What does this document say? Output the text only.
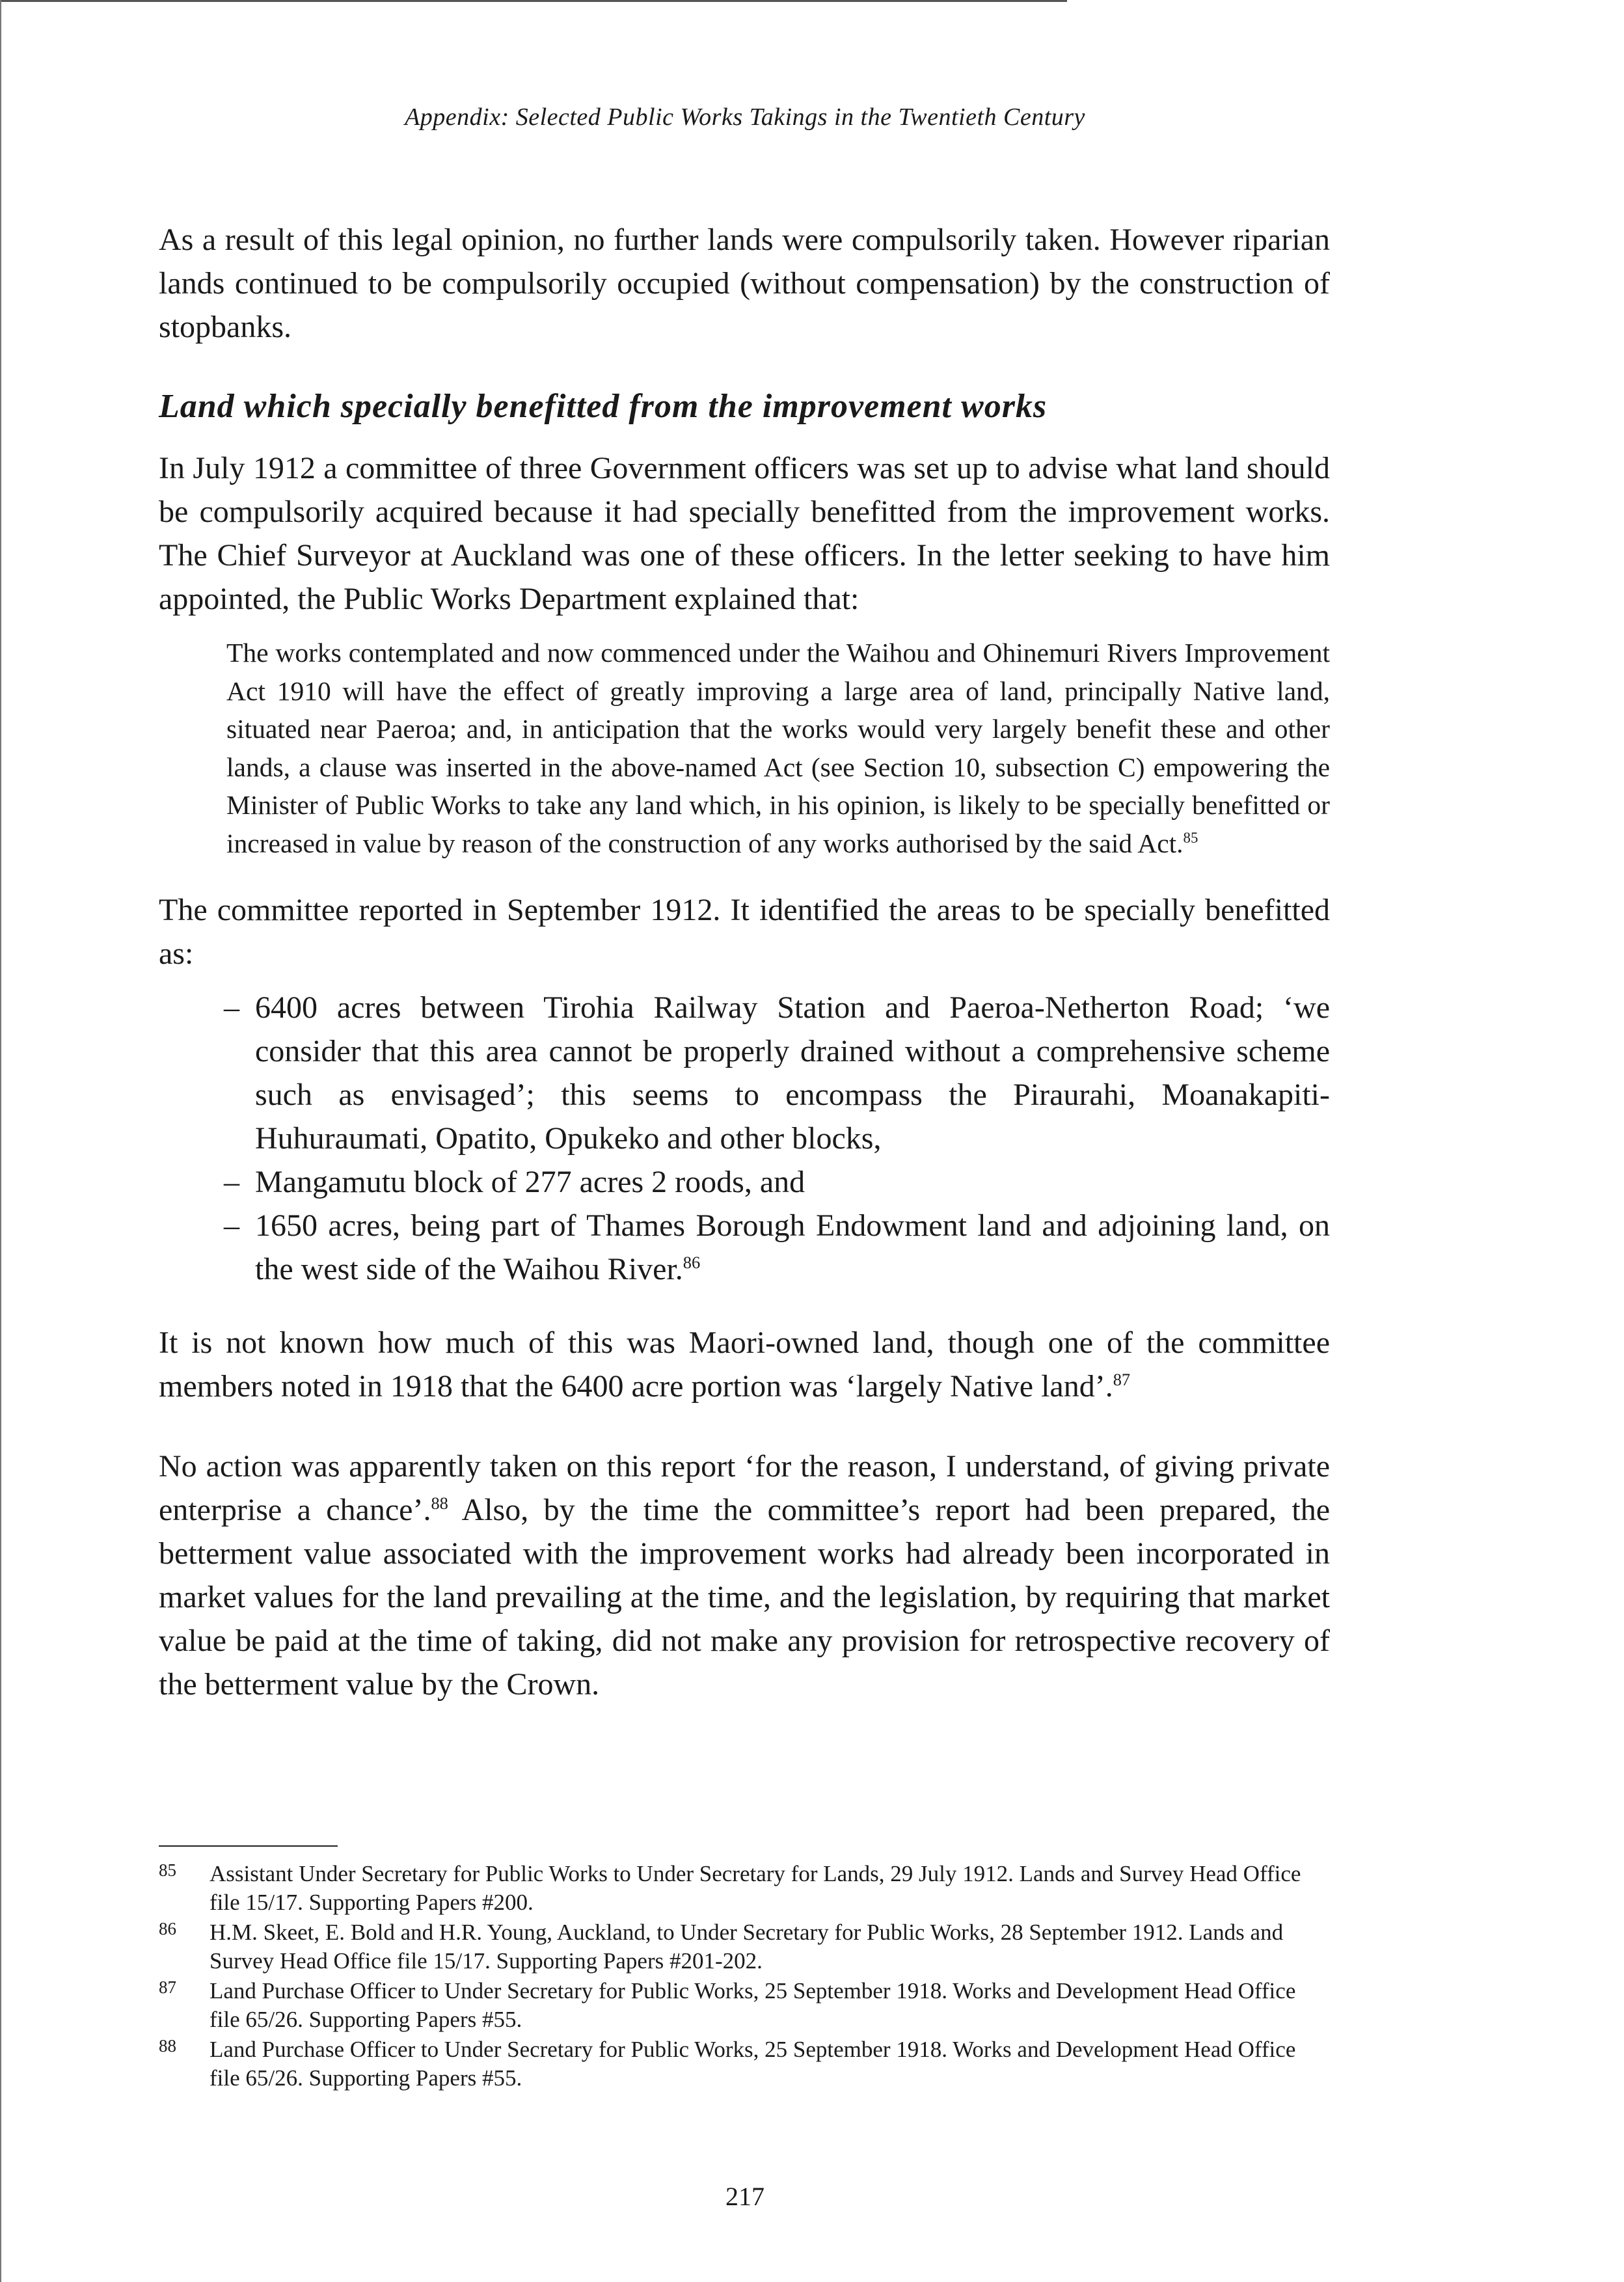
Appendix: Selected Public Works Takings in the Twentieth Century

As a result of this legal opinion, no further lands were compulsorily taken. However riparian lands continued to be compulsorily occupied (without compensation) by the construction of stopbanks.

Land which specially benefitted from the improvement works

In July 1912 a committee of three Government officers was set up to advise what land should be compulsorily acquired because it had specially benefitted from the improvement works. The Chief Surveyor at Auckland was one of these officers. In the letter seeking to have him appointed, the Public Works Department explained that:

The works contemplated and now commenced under the Waihou and Ohinemuri Rivers Improvement Act 1910 will have the effect of greatly improving a large area of land, principally Native land, situated near Paeroa; and, in anticipation that the works would very largely benefit these and other lands, a clause was inserted in the above-named Act (see Section 10, subsection C) empowering the Minister of Public Works to take any land which, in his opinion, is likely to be specially benefitted or increased in value by reason of the construction of any works authorised by the said Act.$^{85}$

The committee reported in September 1912. It identified the areas to be specially benefitted as:

– 6400 acres between Tirohia Railway Station and Paeroa-Netherton Road; ‘we consider that this area cannot be properly drained without a comprehensive scheme such as envisaged’; this seems to encompass the Piraurahi, Moanakapiti-Huhuraumati, Opatito, Opukeko and other blocks,
– Mangamutu block of 277 acres 2 roods, and
– 1650 acres, being part of Thames Borough Endowment land and adjoining land, on the west side of the Waihou River.$^{86}$

It is not known how much of this was Maori-owned land, though one of the committee members noted in 1918 that the 6400 acre portion was ‘largely Native land’.$^{87}$

No action was apparently taken on this report ‘for the reason, I understand, of giving private enterprise a chance’.$^{88}$ Also, by the time the committee’s report had been prepared, the betterment value associated with the improvement works had already been incorporated in market values for the land prevailing at the time, and the legislation, by requiring that market value be paid at the time of taking, did not make any provision for retrospective recovery of the betterment value by the Crown.

85 Assistant Under Secretary for Public Works to Under Secretary for Lands, 29 July 1912. Lands and Survey Head Office file 15/17. Supporting Papers #200.
86 H.M. Skeet, E. Bold and H.R. Young, Auckland, to Under Secretary for Public Works, 28 September 1912. Lands and Survey Head Office file 15/17. Supporting Papers #201-202.
87 Land Purchase Officer to Under Secretary for Public Works, 25 September 1918. Works and Development Head Office file 65/26. Supporting Papers #55.
88 Land Purchase Officer to Under Secretary for Public Works, 25 September 1918. Works and Development Head Office file 65/26. Supporting Papers #55.
217
